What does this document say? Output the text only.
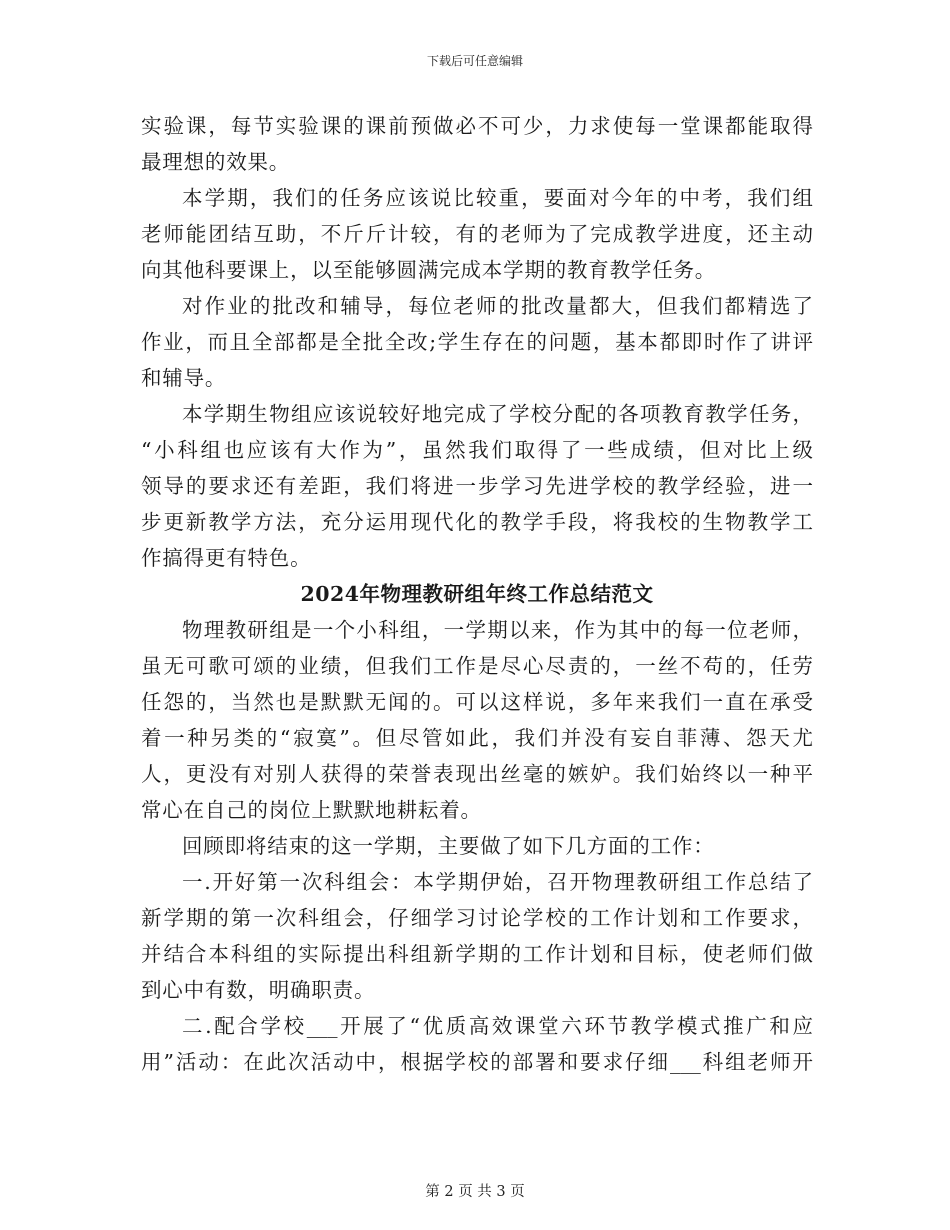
下载后可任意编辑
实验课，每节实验课的课前预做必不可少，力求使每一堂课都能取得
最理想的效果。
本学期，我们的任务应该说比较重，要面对今年的中考，我们组
老师能团结互助，不斤斤计较，有的老师为了完成教学进度，还主动
向其他科要课上，以至能够圆满完成本学期的教育教学任务。
对作业的批改和辅导，每位老师的批改量都大，但我们都精选了
作业，而且全部都是全批全改;学生存在的问题，基本都即时作了讲评
和辅导。
本学期生物组应该说较好地完成了学校分配的各项教育教学任务，
“小科组也应该有大作为”，虽然我们取得了一些成绩，但对比上级
领导的要求还有差距，我们将进一步学习先进学校的教学经验，进一
步更新教学方法，充分运用现代化的教学手段，将我校的生物教学工
作搞得更有特色。
2024年物理教研组年终工作总结范文
物理教研组是一个小科组，一学期以来，作为其中的每一位老师，
虽无可歌可颂的业绩，但我们工作是尽心尽责的，一丝不苟的，任劳
任怨的，当然也是默默无闻的。可以这样说，多年来我们一直在承受
着一种另类的“寂寞”。但尽管如此，我们并没有妄自菲薄、怨天尤
人，更没有对别人获得的荣誉表现出丝毫的嫉妒。我们始终以一种平
常心在自己的岗位上默默地耕耘着。
回顾即将结束的这一学期，主要做了如下几方面的工作：
一.开好第一次科组会：本学期伊始，召开物理教研组工作总结了
新学期的第一次科组会，仔细学习讨论学校的工作计划和工作要求，
并结合本科组的实际提出科组新学期的工作计划和目标，使老师们做
到心中有数，明确职责。
二.配合学校___开展了“优质高效课堂六环节教学模式推广和应
用”活动：在此次活动中，根据学校的部署和要求仔细___科组老师开
第 2 页 共 3 页
